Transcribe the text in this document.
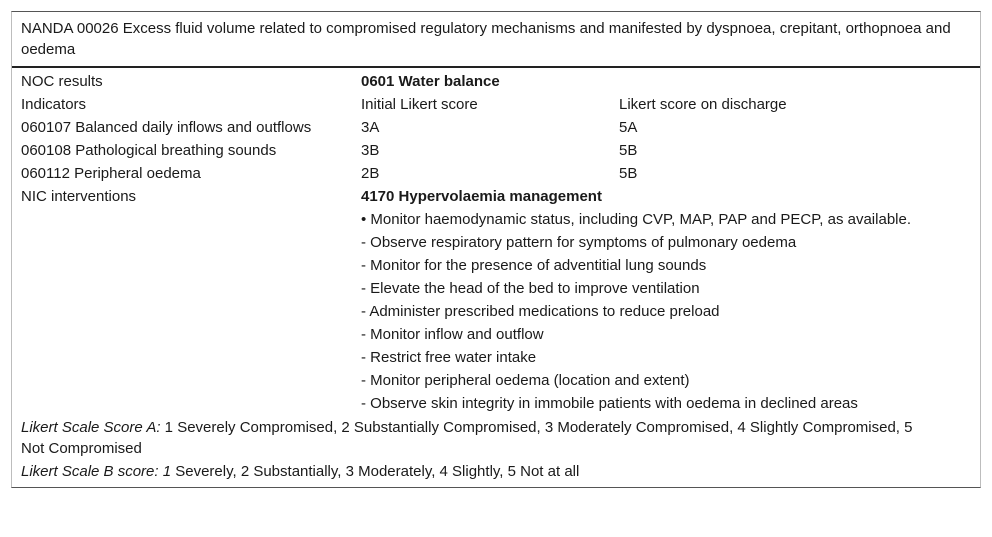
NANDA 00026 Excess fluid volume related to compromised regulatory mechanisms and manifested by dyspnoea, crepitant, orthopnoea and oedema
NOC results	0601 Water balance
Indicators	Initial Likert score	Likert score on discharge
060107 Balanced daily inflows and outflows	3A	5A
060108 Pathological breathing sounds	3B	5B
060112 Peripheral oedema	2B	5B
NIC interventions	4170 Hypervolaemia management
• Monitor haemodynamic status, including CVP, MAP, PAP and PECP, as available.
- Observe respiratory pattern for symptoms of pulmonary oedema
- Monitor for the presence of adventitial lung sounds
- Elevate the head of the bed to improve ventilation
- Administer prescribed medications to reduce preload
- Monitor inflow and outflow
- Restrict free water intake
- Monitor peripheral oedema (location and extent)
- Observe skin integrity in immobile patients with oedema in declined areas
Likert Scale Score A: 1 Severely Compromised, 2 Substantially Compromised, 3 Moderately Compromised, 4 Slightly Compromised, 5 Not Compromised
Likert Scale B score: 1 Severely, 2 Substantially, 3 Moderately, 4 Slightly, 5 Not at all
